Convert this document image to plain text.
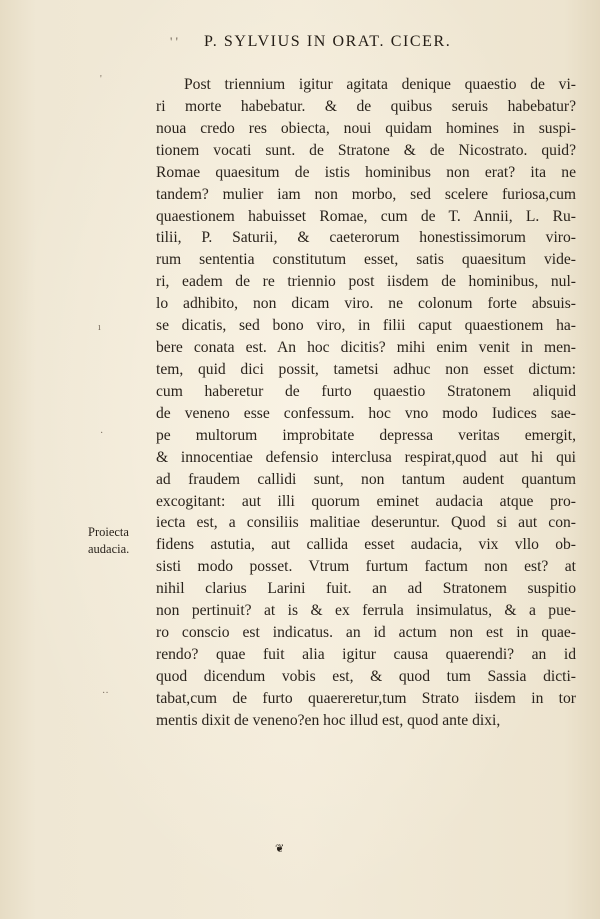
' ' P. SYLVIUS IN ORAT. CICER.
'
ı
·
··
Proiecta
audacia.
Post triennium igitur agitata denique quaestio de vi-
ri morte habebatur. & de quibus seruis habebatur?
noua credo res obiecta, noui quidam homines in suspi-
tionem vocati sunt. de Stratone & de Nicostrato. quid?
Romae quaesitum de istis hominibus non erat? ita ne
tandem? mulier iam non morbo, sed scelere furiosa,cum
quaestionem habuisset Romae, cum de T. Annii, L. Ru-
tilii, P. Saturii, & caeterorum honestissimorum viro-
rum sententia constitutum esset, satis quaesitum vide-
ri, eadem de re triennio post iisdem de hominibus, nul-
lo adhibito, non dicam viro. ne colonum forte absuis-
se dicatis, sed bono viro, in filii caput quaestionem ha-
bere conata est. An hoc dicitis? mihi enim venit in men-
tem, quid dici possit, tametsi adhuc non esset dictum:
cum haberetur de furto quaestio Stratonem aliquid
de veneno esse confessum. hoc vno modo Iudices sae-
pe multorum improbitate depressa veritas emergit,
& innocentiae defensio interclusa respirat,quod aut hi qui
ad fraudem callidi sunt, non tantum audent quantum
excogitant: aut illi quorum eminet audacia atque pro-
iecta est, a consiliis malitiae deseruntur. Quod si aut con-
fidens astutia, aut callida esset audacia, vix vllo ob-
sisti modo posset. Vtrum furtum factum non est? at
nihil clarius Larini fuit. an ad Stratonem suspitio
non pertinuit? at is & ex ferrula insimulatus, & a pue-
ro conscio est indicatus. an id actum non est in quae-
rendo? quae fuit alia igitur causa quaerendi? an id
quod dicendum vobis est, & quod tum Sassia dicti-
tabat,cum de furto quaereretur,tum Strato iisdem in tor
mentis dixit de veneno?en hoc illud est, quod ante dixi,
❦
